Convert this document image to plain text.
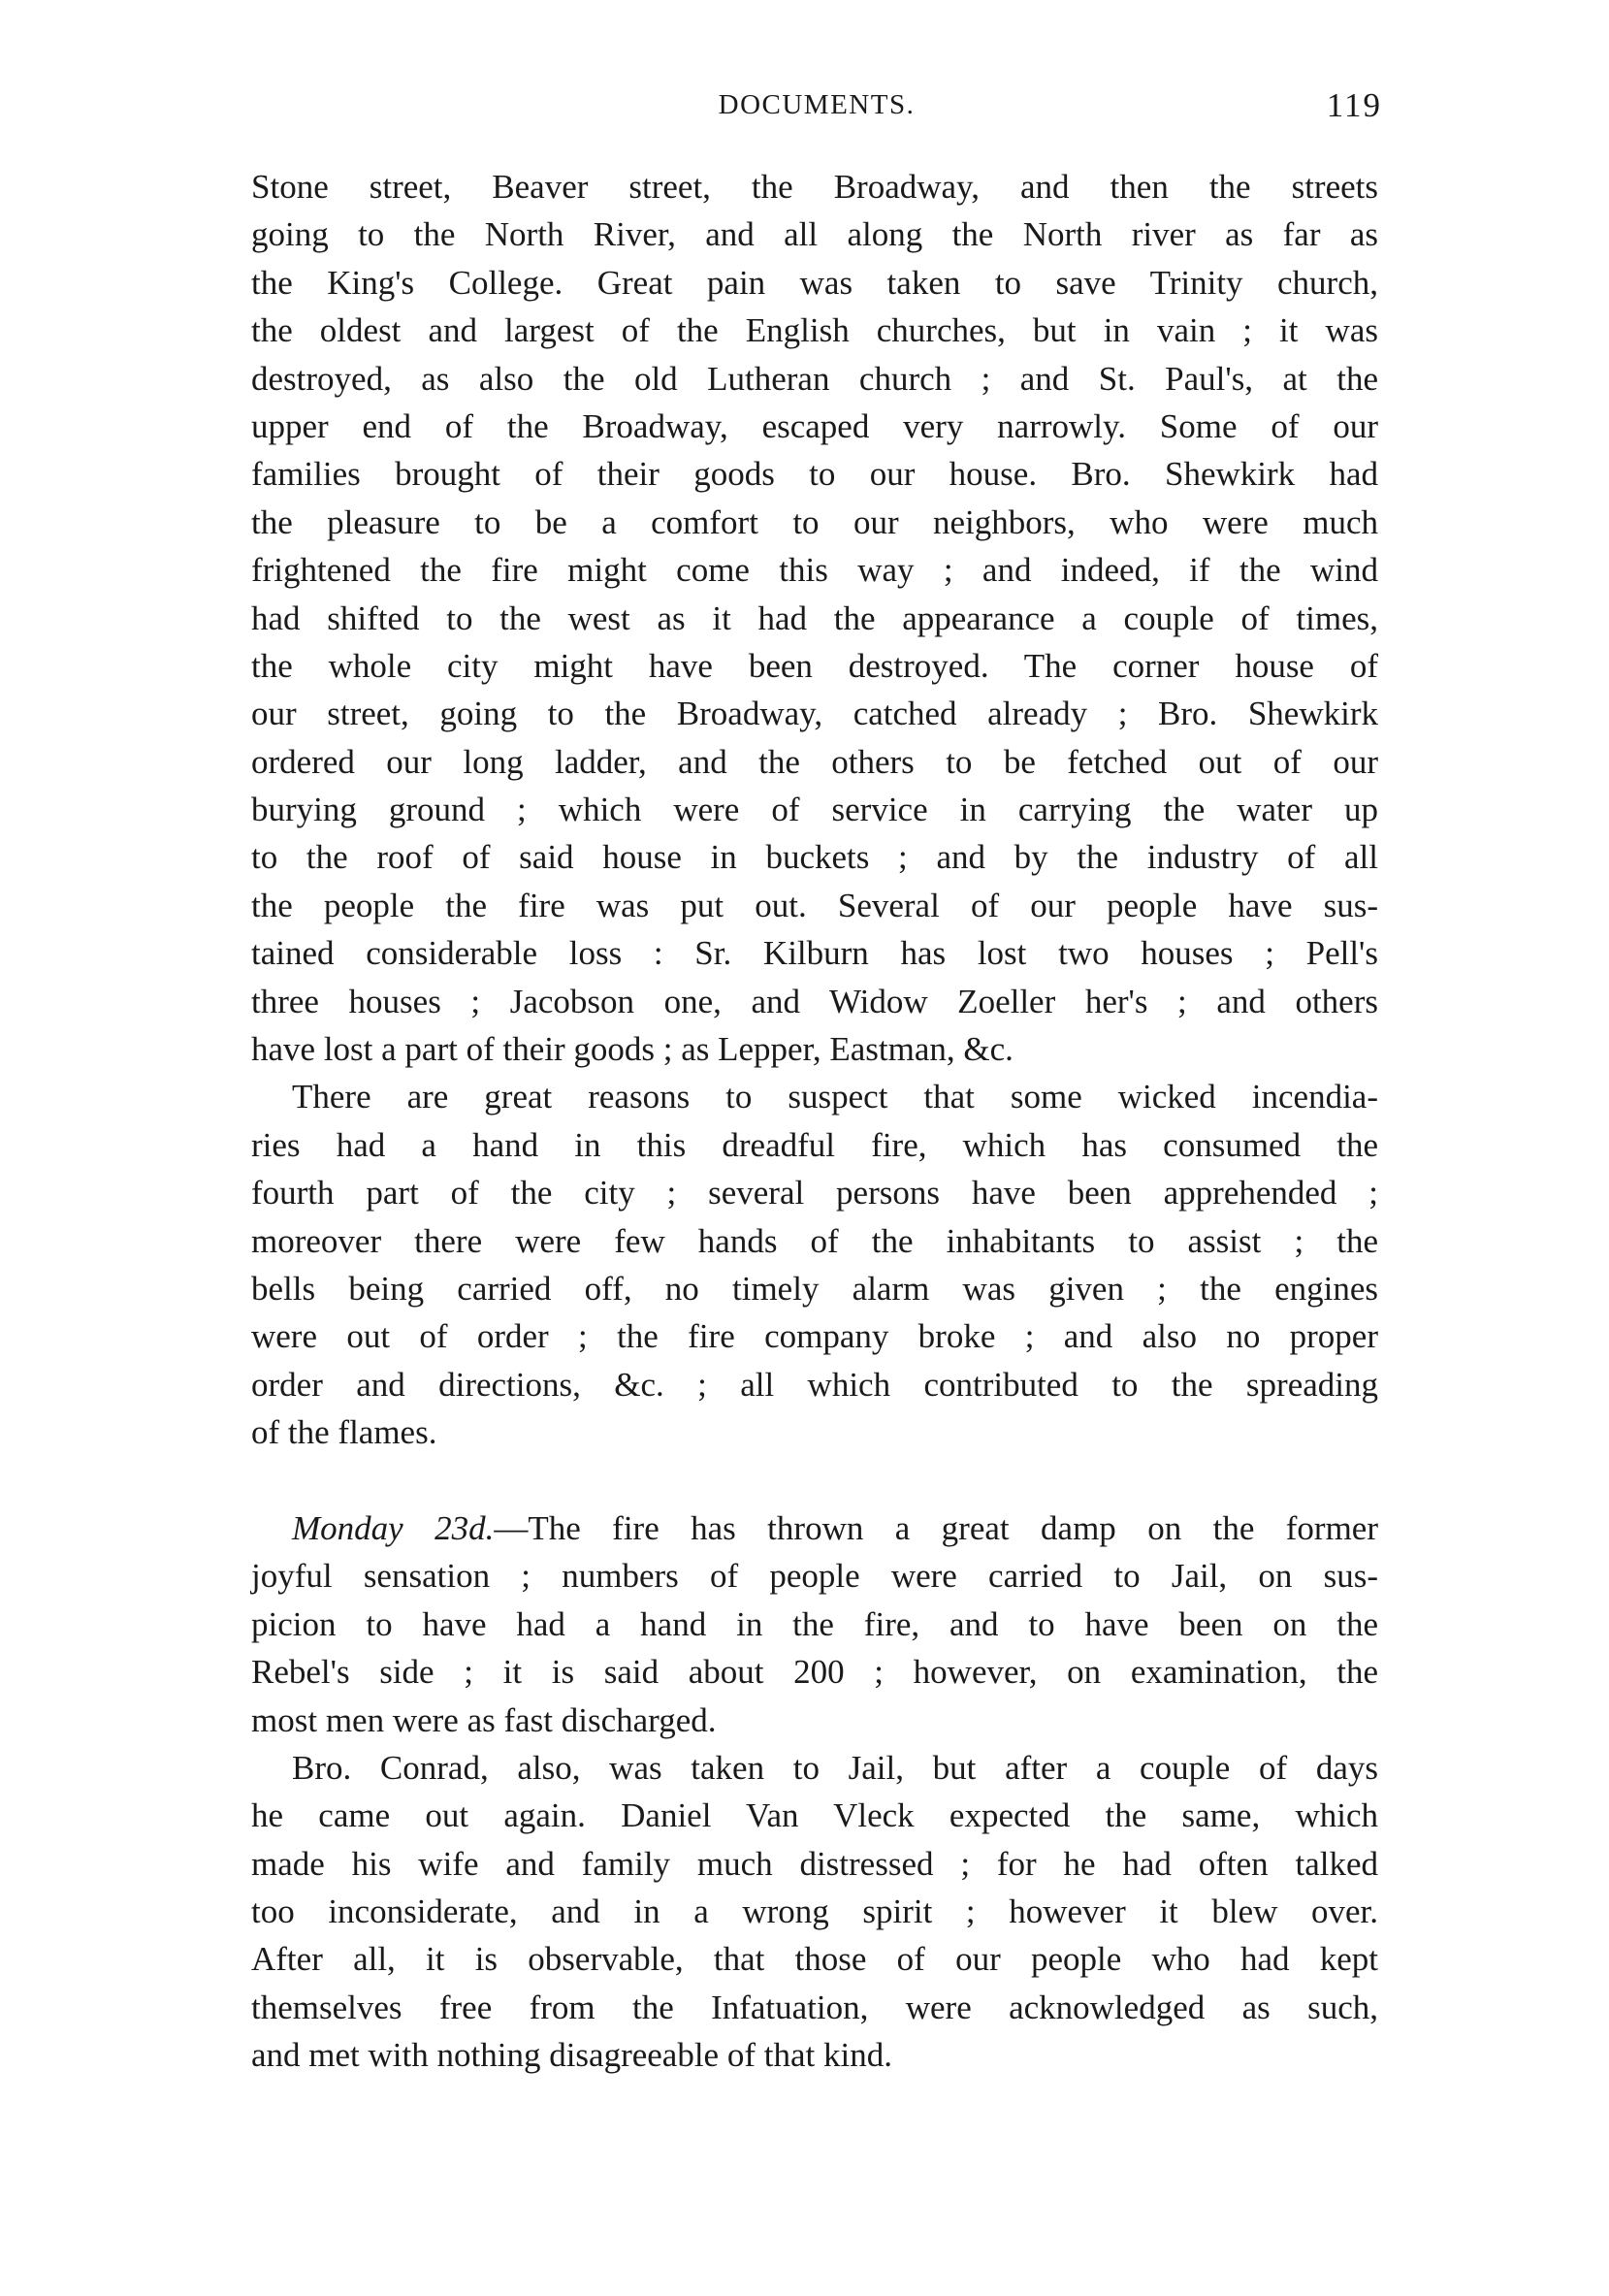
DOCUMENTS.	119
Stone street, Beaver street, the Broadway, and then the streets
going to the North River, and all along the North river as far as
the King's College. Great pain was taken to save Trinity church,
the oldest and largest of the English churches, but in vain ; it was
destroyed, as also the old Lutheran church ; and St. Paul's, at the
upper end of the Broadway, escaped very narrowly. Some of our
families brought of their goods to our house. Bro. Shewkirk had
the pleasure to be a comfort to our neighbors, who were much
frightened the fire might come this way ; and indeed, if the wind
had shifted to the west as it had the appearance a couple of times,
the whole city might have been destroyed. The corner house of
our street, going to the Broadway, catched already ; Bro. Shewkirk
ordered our long ladder, and the others to be fetched out of our
burying ground ; which were of service in carrying the water up
to the roof of said house in buckets ; and by the industry of all
the people the fire was put out. Several of our people have sus-
tained considerable loss : Sr. Kilburn has lost two houses ; Pell's
three houses ; Jacobson one, and Widow Zoeller her's ; and others
have lost a part of their goods ; as Lepper, Eastman, &c.
There are great reasons to suspect that some wicked incendia-
ries had a hand in this dreadful fire, which has consumed the
fourth part of the city ; several persons have been apprehended ;
moreover there were few hands of the inhabitants to assist ; the
bells being carried off, no timely alarm was given ; the engines
were out of order ; the fire company broke ; and also no proper
order and directions, &c. ; all which contributed to the spreading
of the flames.
Monday 23d.—The fire has thrown a great damp on the former
joyful sensation ; numbers of people were carried to Jail, on sus-
picion to have had a hand in the fire, and to have been on the
Rebel's side ; it is said about 200 ; however, on examination, the
most men were as fast discharged.
Bro. Conrad, also, was taken to Jail, but after a couple of days
he came out again. Daniel Van Vleck expected the same, which
made his wife and family much distressed ; for he had often talked
too inconsiderate, and in a wrong spirit ; however it blew over.
After all, it is observable, that those of our people who had kept
themselves free from the Infatuation, were acknowledged as such,
and met with nothing disagreeable of that kind.
